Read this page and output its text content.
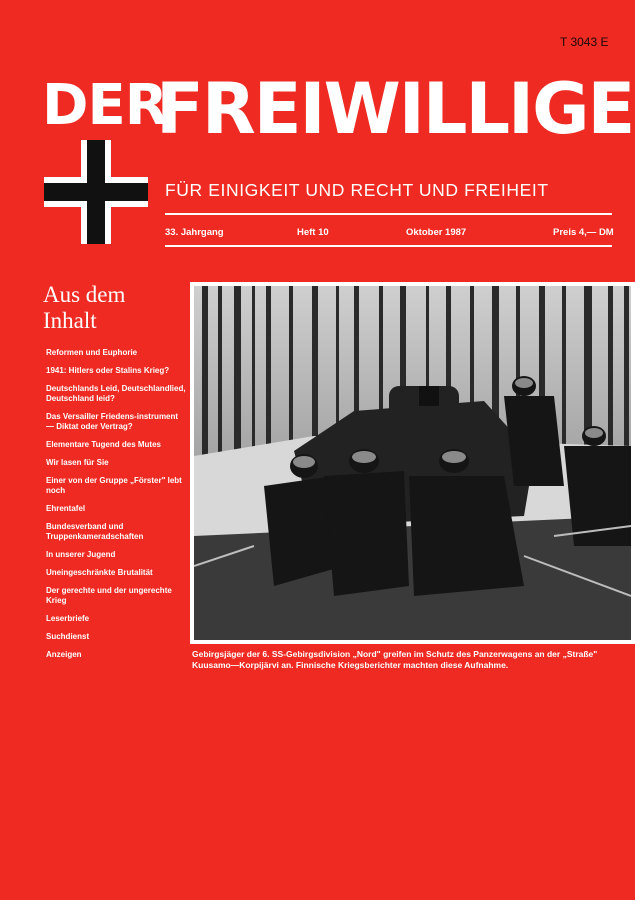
T 3043 E
DER
FREIWILLIGE
FÜR EINIGKEIT UND RECHT UND FREIHEIT
33. Jahrgang	Heft 10	Oktober 1987	Preis 4,— DM
Aus dem
Inhalt
Reformen und Euphorie
1941: Hitlers oder Stalins Krieg?
Deutschlands Leid, Deutschlandlied, Deutschland leid?
Das Versailler Friedens-instrument — Diktat oder Vertrag?
Elementare Tugend des Mutes
Wir lasen für Sie
Einer von der Gruppe „Förster" lebt noch
Ehrentafel
Bundesverband und Truppenkameradschaften
In unserer Jugend
Uneingeschränkte Brutalität
Der gerechte und der ungerechte Krieg
Leserbriefe
Suchdienst
Anzeigen	Gebirgsjäger der 6. SS-Gebirgsdivision „Nord" greifen im Schutz des Panzerwagens an der „Straße" Kuusamo—Korpijärvi an. Finnische Kriegsberichter machten diese Aufnahme.
